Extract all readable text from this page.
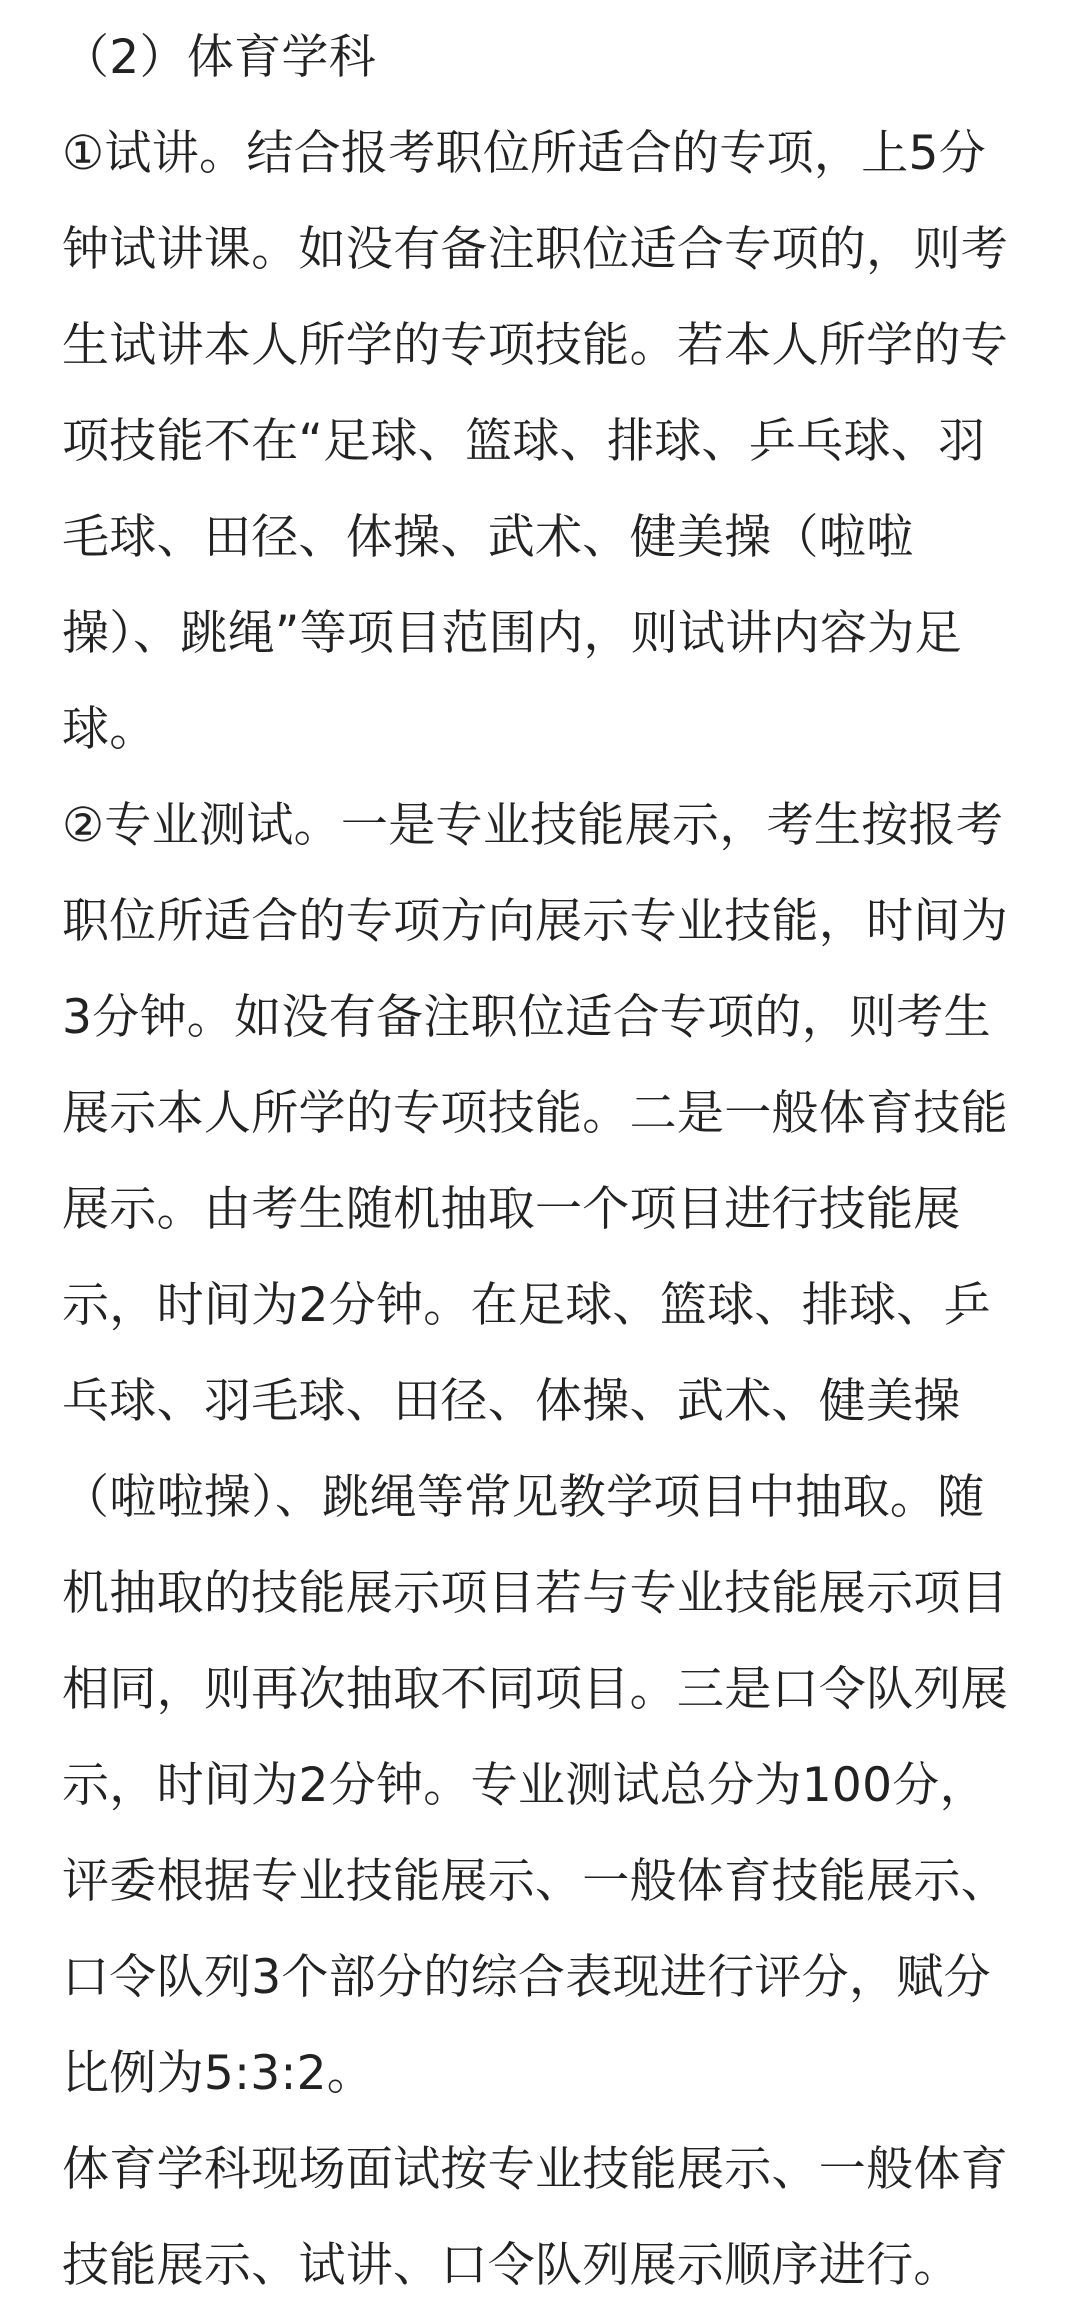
（2）体育学科
①试讲。结合报考职位所适合的专项，上5分
钟试讲课。如没有备注职位适合专项的，则考
生试讲本人所学的专项技能。若本人所学的专
项技能不在“足球、篮球、排球、乒乓球、羽
毛球、田径、体操、武术、健美操（啦啦
操）、跳绳”等项目范围内，则试讲内容为足
球。
②专业测试。一是专业技能展示，考生按报考
职位所适合的专项方向展示专业技能，时间为
3分钟。如没有备注职位适合专项的，则考生
展示本人所学的专项技能。二是一般体育技能
展示。由考生随机抽取一个项目进行技能展
示，时间为2分钟。在足球、篮球、排球、乒
乓球、羽毛球、田径、体操、武术、健美操
（啦啦操）、跳绳等常见教学项目中抽取。随
机抽取的技能展示项目若与专业技能展示项目
相同，则再次抽取不同项目。三是口令队列展
示，时间为2分钟。专业测试总分为100分，
评委根据专业技能展示、一般体育技能展示、
口令队列3个部分的综合表现进行评分，赋分
比例为5:3:2。
体育学科现场面试按专业技能展示、一般体育
技能展示、试讲、口令队列展示顺序进行。
